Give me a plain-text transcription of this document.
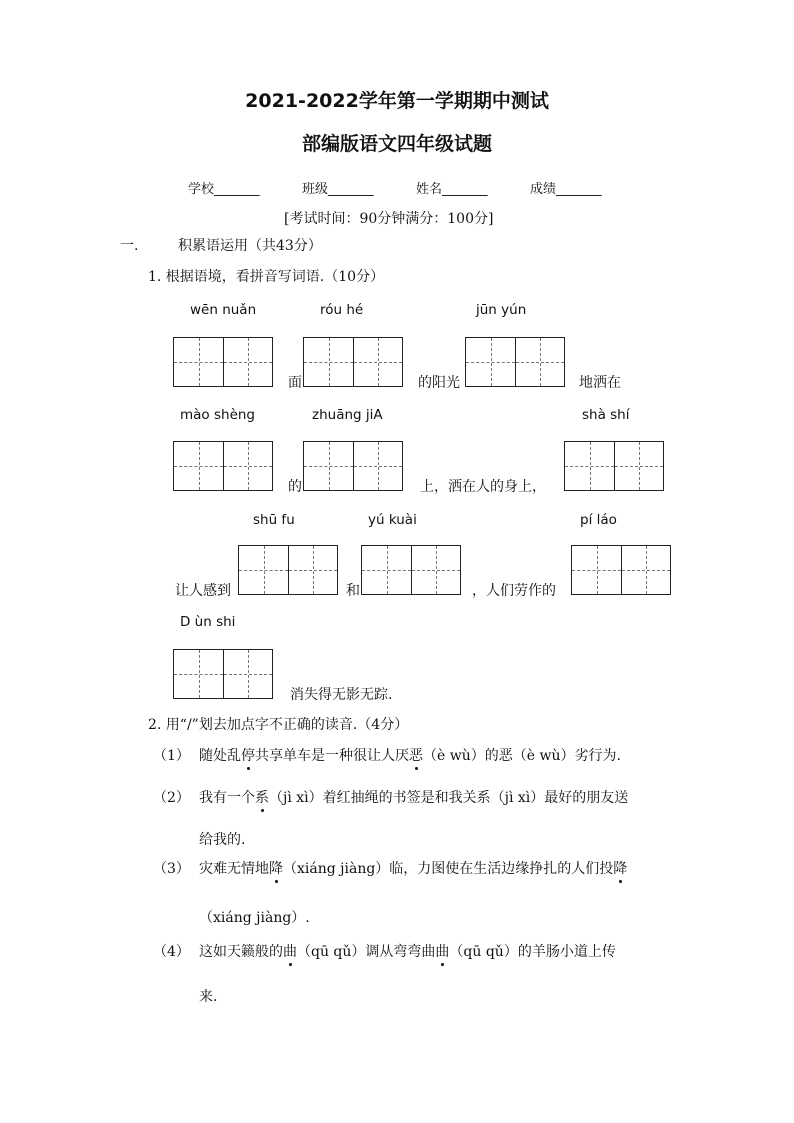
2021-2022学年第一学期期中测试
部编版语文四年级试题
学校_______	班级_______	姓名_______	成绩_______
[考试时间：90分钟满分：100分]
一.	积累语运用（共43分）
1. 根据语境，看拼音写词语.（10分）
wēn nuǎn	róu hé	jūn yún
面	的阳光	地洒在
mào shèng	zhuāng jiA	shà shí
的	上，洒在人的身上，
shū fu	yú kuài	pí láo
让人感到	和	，人们劳作的
D ùn shi
消失得无影无踪.
2. 用“/”划去加点字不正确的读音.（4分）
（1） 随处乱停共享单车是一种很让人厌恶（è wù）的恶（è wù）劣行为.
（2） 我有一个系（jì xì）着红抽绳的书签是和我关系（jì xì）最好的朋友送
给我的.
（3） 灾难无情地降（xiáng jiàng）临，力图使在生活边缘挣扎的人们投降
（xiáng jiàng）.
（4） 这如天籁般的曲（qū qǔ）调从弯弯曲曲（qū qǔ）的羊肠小道上传
来.
